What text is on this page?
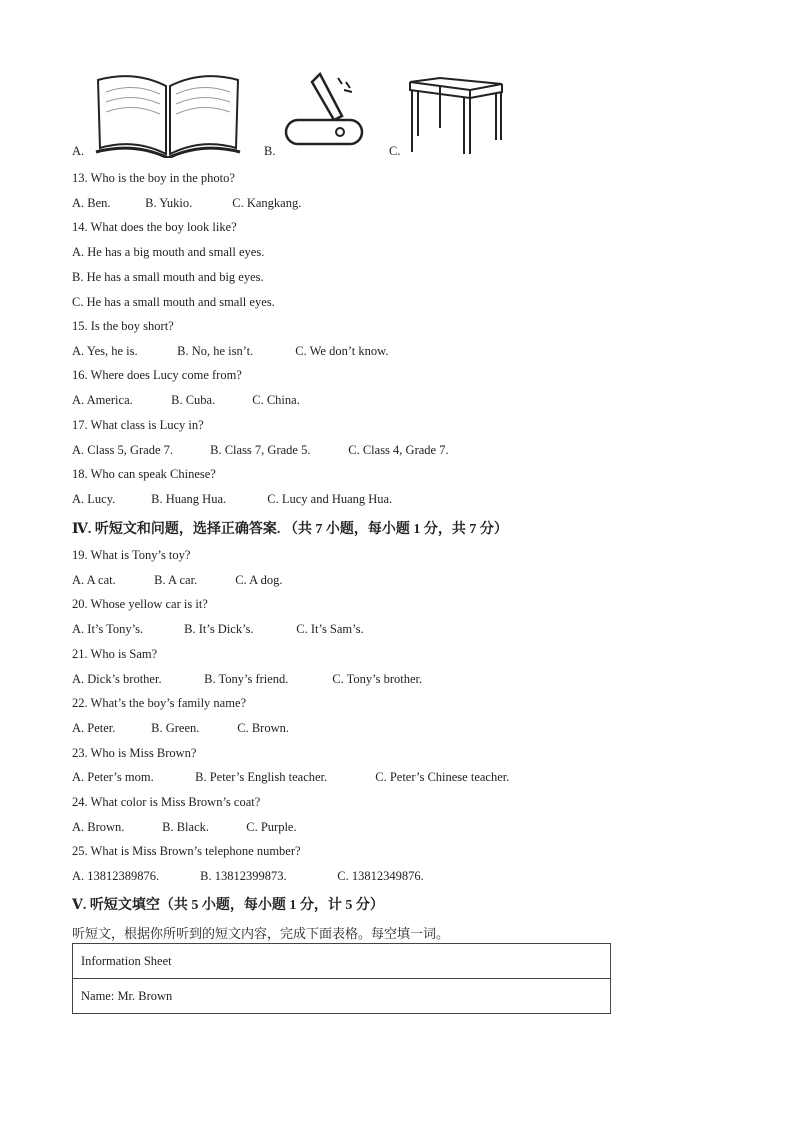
A.	B.	C.
13. Who is the boy in the photo?
A. Ben.	B. Yukio.	C. Kangkang.
14. What does the boy look like?
A. He has a big mouth and small eyes.
B. He has a small mouth and big eyes.
C. He has a small mouth and small eyes.
15. Is the boy short?
A. Yes, he is.	B. No, he isn’t.	C. We don’t know.
16. Where does Lucy come from?
A. America.	B. Cuba.	C. China.
17. What class is Lucy in?
A. Class 5, Grade 7.	B. Class 7, Grade 5.	C. Class 4, Grade 7.
18. Who can speak Chinese?
A. Lucy.	B. Huang Hua.	C. Lucy and Huang Hua.
Ⅳ. 听短文和问题，选择正确答案. （共 7 小题，每小题 1 分，共 7 分）
19. What is Tony’s toy?
A. A cat.	B. A car.	C. A dog.
20. Whose yellow car is it?
A. It’s Tony’s.	B. It’s Dick’s.	C. It’s Sam’s.
21. Who is Sam?
A. Dick’s brother.	B. Tony’s friend.	C. Tony’s brother.
22. What’s the boy’s family name?
A. Peter.	B. Green.	C. Brown.
23. Who is Miss Brown?
A. Peter’s mom.	B. Peter’s English teacher.	C. Peter’s Chinese teacher.
24. What color is Miss Brown’s coat?
A. Brown.	B. Black.	C. Purple.
25. What is Miss Brown’s telephone number?
A. 13812389876.	B. 13812399873.	C. 13812349876.
Ⅴ. 听短文填空（共 5 小题，每小题 1 分，计 5 分）
听短文，根据你所听到的短文内容，完成下面表格。每空填一词。
Information Sheet
Name: Mr. Brown
